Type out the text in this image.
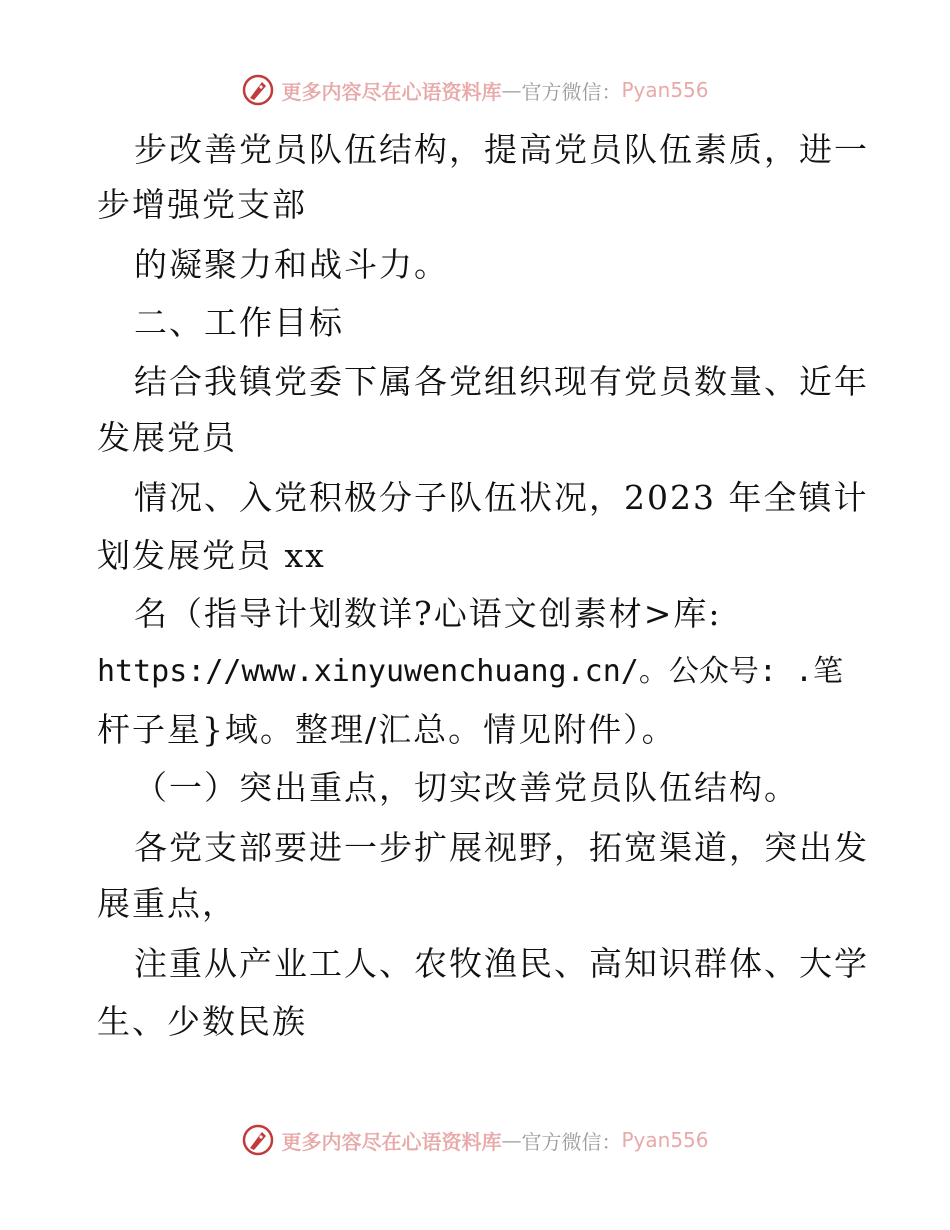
更多内容尽在心语资料库 — 官方微信： Pyan556
步改善党员队伍结构，提高党员队伍素质，进一
步增强党支部
的凝聚力和战斗力。
二、工作目标
结合我镇党委下属各党组织现有党员数量、近年
发展党员
情况、入党积极分子队伍状况，2023 年全镇计
划发展党员 xx
名（指导计划数详?心语文创素材>库:
https://www.xinyuwenchuang.cn/。公众号: .笔
杆子星}域。整理/汇总。情见附件）。
（一）突出重点，切实改善党员队伍结构。
各党支部要进一步扩展视野，拓宽渠道，突出发
展重点，
注重从产业工人、农牧渔民、高知识群体、大学
生、少数民族
更多内容尽在心语资料库 — 官方微信： Pyan556
